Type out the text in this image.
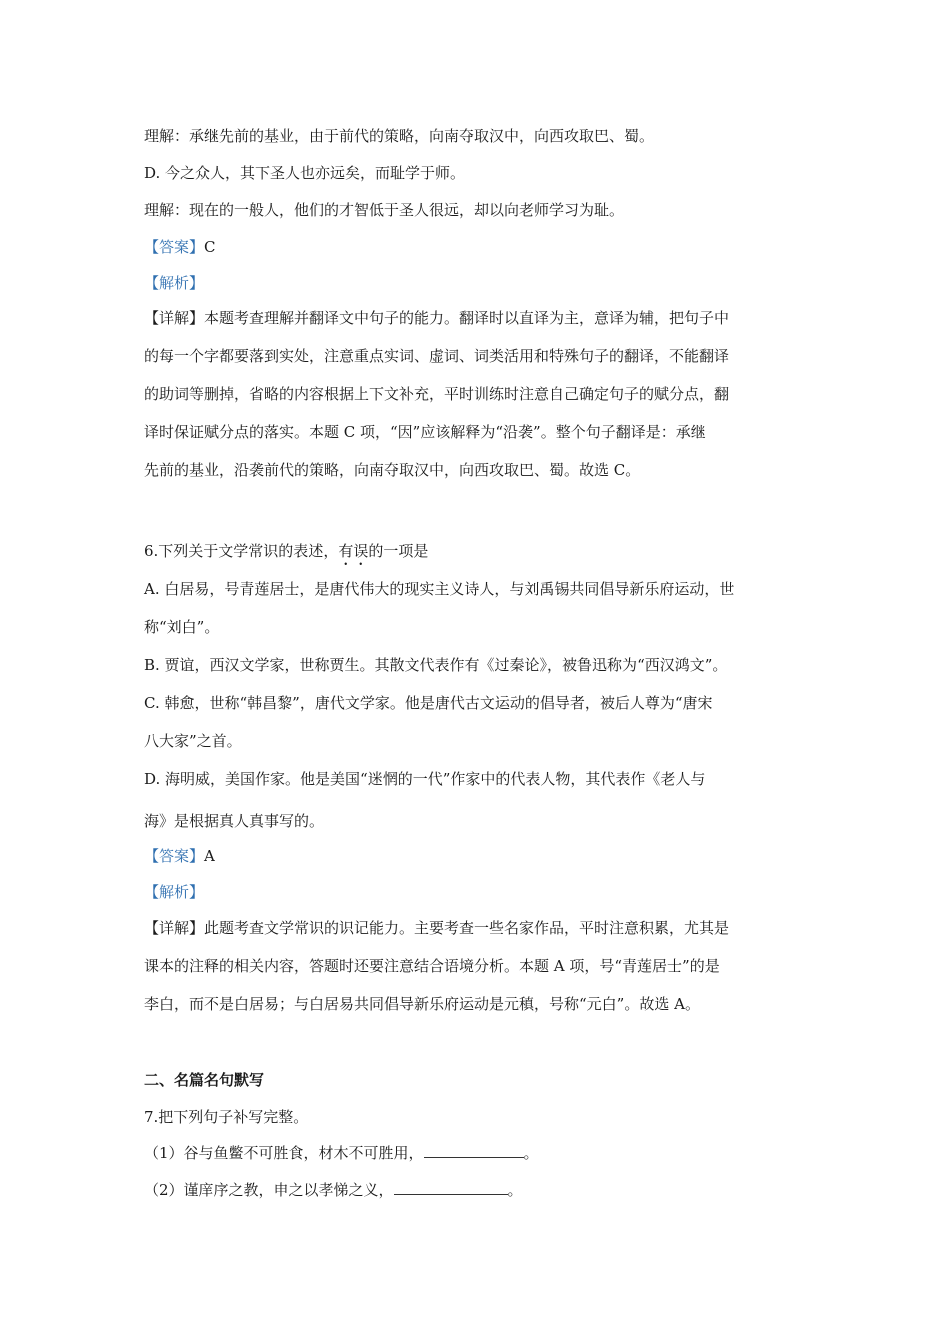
理解：承继先前的基业，由于前代的策略，向南夺取汉中，向西攻取巴、蜀。
D. 今之众人，其下圣人也亦远矣，而耻学于师。
理解：现在的一般人，他们的才智低于圣人很远，却以向老师学习为耻。
【答案】C
【解析】
【详解】本题考查理解并翻译文中句子的能力。翻译时以直译为主，意译为辅，把句子中
的每一个字都要落到实处，注意重点实词、虚词、词类活用和特殊句子的翻译，不能翻译
的助词等删掉，省略的内容根据上下文补充，平时训练时注意自己确定句子的赋分点，翻
译时保证赋分点的落实。本题 C 项，“因”应该解释为“沿袭”。整个句子翻译是：承继
先前的基业，沿袭前代的策略，向南夺取汉中，向西攻取巴、蜀。故选 C。
6.下列关于文学常识的表述，有误的一项是
A. 白居易，号青莲居士，是唐代伟大的现实主义诗人，与刘禹锡共同倡导新乐府运动，世
称“刘白”。
B. 贾谊，西汉文学家，世称贾生。其散文代表作有《过秦论》，被鲁迅称为“西汉鸿文”。
C. 韩愈，世称“韩昌黎”，唐代文学家。他是唐代古文运动的倡导者，被后人尊为“唐宋
八大家”之首。
D. 海明威，美国作家。他是美国“迷惘的一代”作家中的代表人物，其代表作《老人与
海》是根据真人真事写的。
【答案】A
【解析】
【详解】此题考查文学常识的识记能力。主要考查一些名家作品，平时注意积累，尤其是
课本的注释的相关内容，答题时还要注意结合语境分析。本题 A 项，号“青莲居士”的是
李白，而不是白居易；与白居易共同倡导新乐府运动是元稹，号称“元白”。故选 A。
二、名篇名句默写
7.把下列句子补写完整。
（1）谷与鱼鳖不可胜食，材木不可胜用，	。
（2）谨庠序之教，申之以孝悌之义，	。
